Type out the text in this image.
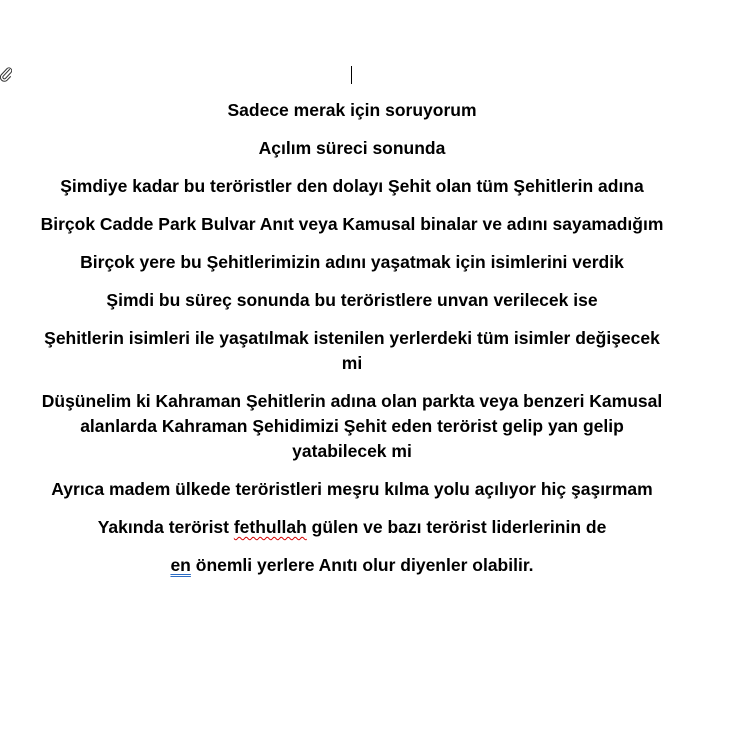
Sadece merak için soruyorum

Açılım süreci sonunda

Şimdiye kadar bu teröristler den dolayı Şehit olan tüm Şehitlerin adına

Birçok Cadde Park Bulvar Anıt veya Kamusal binalar ve adını sayamadığım

Birçok yere bu Şehitlerimizin adını yaşatmak için isimlerini verdik

Şimdi bu süreç sonunda bu teröristlere unvan verilecek ise

Şehitlerin isimleri ile yaşatılmak istenilen yerlerdeki tüm isimler değişecek mi

Düşünelim ki Kahraman Şehitlerin adına olan parkta veya benzeri Kamusal alanlarda Kahraman Şehidimizi Şehit eden terörist gelip yan gelip yatabilecek mi

Ayrıca madem ülkede teröristleri meşru kılma yolu açılıyor hiç şaşırmam

Yakında terörist fethullah gülen ve bazı terörist liderlerinin de

en önemli yerlere Anıtı olur diyenler olabilir.
